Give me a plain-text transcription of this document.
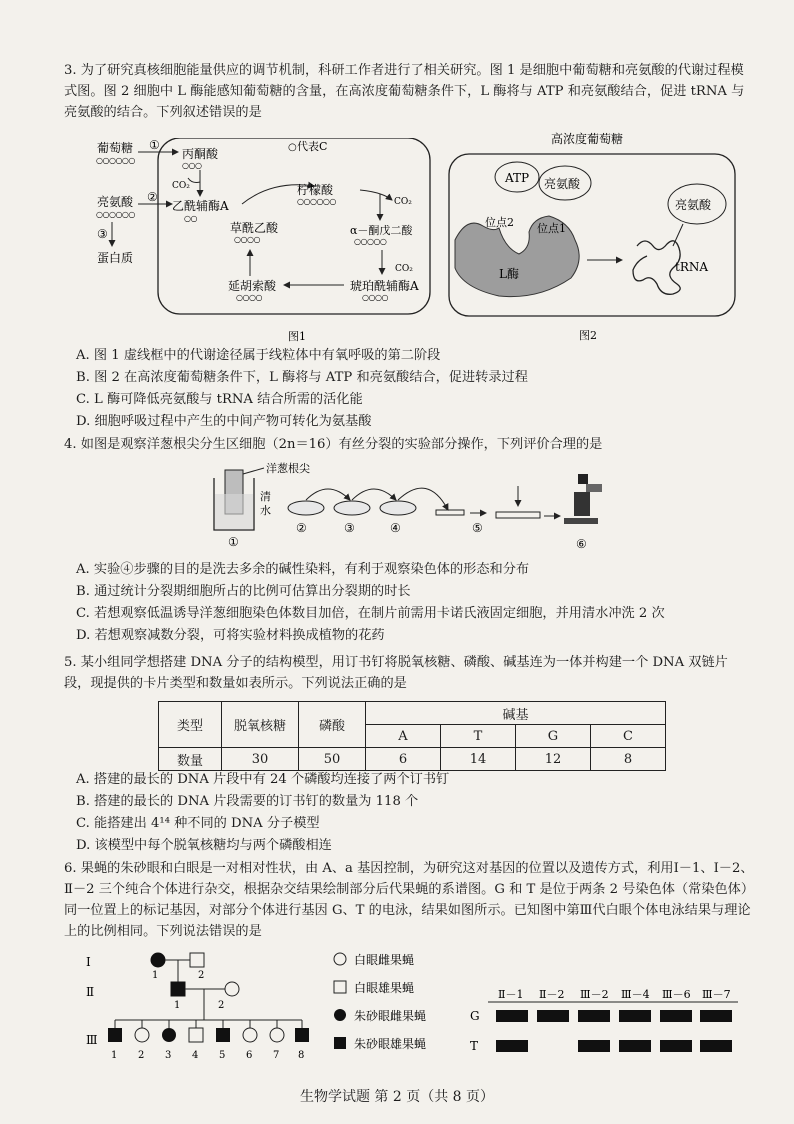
3. 为了研究真核细胞能量供应的调节机制，科研工作者进行了相关研究。图 1 是细胞中葡萄糖和亮氨酸的代谢过程模式图。图 2 细胞中 L 酶能感知葡萄糖的含量，在高浓度葡萄糖条件下，L 酶将与 ATP 和亮氨酸结合，促进 tRNA 与亮氨酸的结合。下列叙述错误的是
葡萄糖
○○○○○○
亮氨酸
○○○○○○
③
蛋白质
①
②
丙酮酸
○○○
代表C
○
CO₂
乙酰辅酶A
○○
柠檬酸
○○○○○○	CO₂
α－酮戊二酸
○○○○○
CO₂
琥珀酰辅酶A
○○○○
延胡索酸
○○○○
草酰乙酸
○○○○
图1
高浓度葡萄糖
ATP 亮氨酸
亮氨酸
位点2 位点1
L酶	tRNA
图2
A. 图 1 虚线框中的代谢途径属于线粒体中有氧呼吸的第二阶段
B. 图 2 在高浓度葡萄糖条件下，L 酶将与 ATP 和亮氨酸结合，促进转录过程
C. L 酶可降低亮氨酸与 tRNA 结合所需的活化能
D. 细胞呼吸过程中产生的中间产物可转化为氨基酸
4. 如图是观察洋葱根尖分生区细胞（2n＝16）有丝分裂的实验部分操作，下列评价合理的是
洋葱根尖
清
水
①
②	③	④	⑤
⑥
A. 实验④步骤的目的是洗去多余的碱性染料，有利于观察染色体的形态和分布
B. 通过统计分裂期细胞所占的比例可估算出分裂期的时长
C. 若想观察低温诱导洋葱细胞染色体数目加倍，在制片前需用卡诺氏液固定细胞，并用清水冲洗 2 次
D. 若想观察减数分裂，可将实验材料换成植物的花药
5. 某小组同学想搭建 DNA 分子的结构模型，用订书钉将脱氧核糖、磷酸、碱基连为一体并构建一个 DNA 双链片段，现提供的卡片类型和数量如表所示。下列说法正确的是
类型	脱氧核糖	磷酸	碱基			
			A	T	G	C
数量	30	50	6	14	12	8
A. 搭建的最长的 DNA 片段中有 24 个磷酸均连接了两个订书钉
B. 搭建的最长的 DNA 片段需要的订书钉的数量为 118 个
C. 能搭建出 4¹⁴ 种不同的 DNA 分子模型
D. 该模型中每个脱氧核糖均与两个磷酸相连
6. 果蝇的朱砂眼和白眼是一对相对性状，由 A、a 基因控制，为研究这对基因的位置以及遗传方式，利用Ⅰ－1、Ⅰ－2、Ⅱ－2 三个纯合个体进行杂交，根据杂交结果绘制部分后代果蝇的系谱图。G 和 T 是位于两条 2 号染色体（常染色体）同一位置上的标记基因，对部分个体进行基因 G、T 的电泳，结果如图所示。已知图中第Ⅲ代白眼个体电泳结果与理论上的比例相同。下列说法错误的是
Ⅰ
Ⅱ
Ⅲ
1	2
1	2
1 2 3 4 5 6 7 8
白眼雌果蝇
白眼雄果蝇
朱砂眼雌果蝇
朱砂眼雄果蝇
Ⅱ－1 Ⅱ－2 Ⅲ－2 Ⅲ－4 Ⅲ－6 Ⅲ－7
G
T
生物学试题 第 2 页（共 8 页）
